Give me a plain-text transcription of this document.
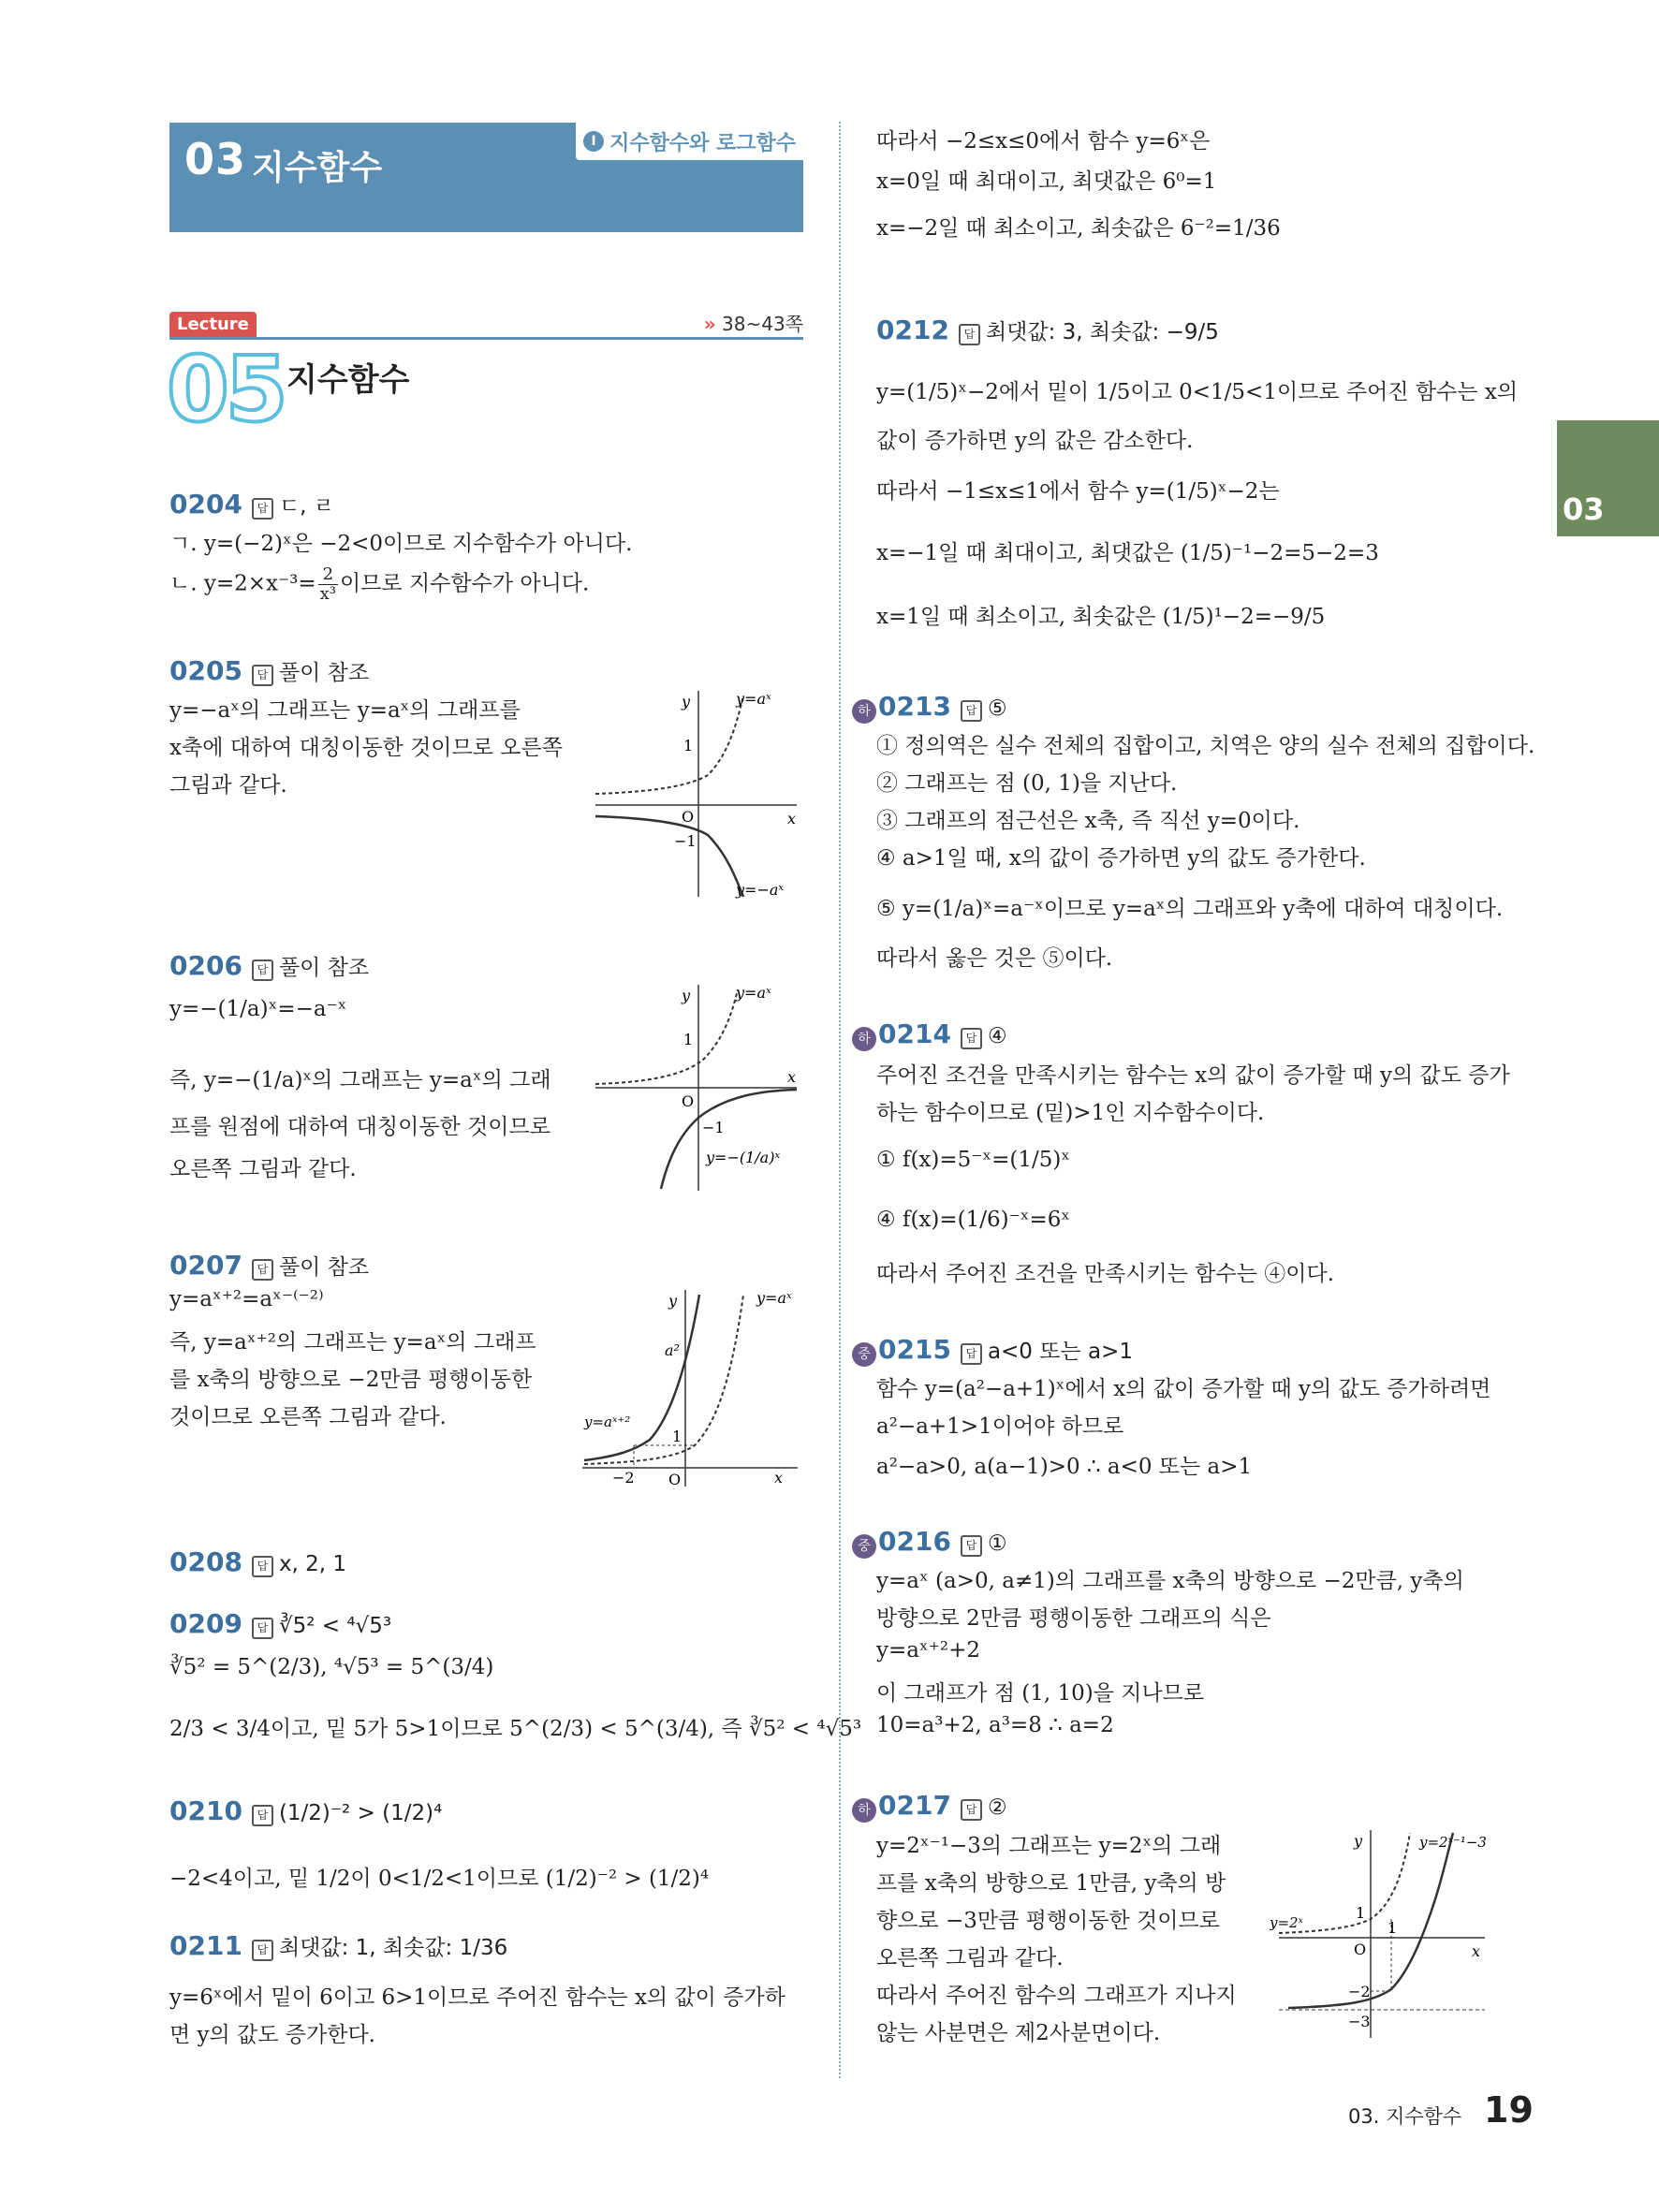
03 지수함수
I 지수함수와 로그함수
Lecture	» 38~43쪽
05 지수함수
03
0204 답 ㄷ, ㄹ
ㄱ. y=(−2)ˣ은 −2<0이므로 지수함수가 아니다.
ㄴ. $y=2\times x^{-3}= \frac{2}{\text{x³}}$ 이므로 지수함수가 아니다.
0205 답 풀이 참조
y=−aˣ의 그래프는 y=aˣ의 그래프를
x축에 대하여 대칭이동한 것이므로 오른쪽
그림과 같다.
y
x
O
1
−1
y=aˣ
y=−aˣ
0206 답 풀이 참조
y=−(1/a)ˣ=−a⁻ˣ
즉, y=−(1/a)ˣ의 그래프는 y=aˣ의 그래
프를 원점에 대하여 대칭이동한 것이므로
오른쪽 그림과 같다.
y
x
O
1
−1
y=aˣ
y=−(1/a)ˣ
0207 답 풀이 참조
y=aˣ⁺²=aˣ⁻⁽⁻²⁾
즉, y=aˣ⁺²의 그래프는 y=aˣ의 그래프
를 x축의 방향으로 −2만큼 평행이동한
것이므로 오른쪽 그림과 같다.
y
x
O
1
a²
−2
y=aˣ
y=aˣ⁺²
0208 답 x, 2, 1
0209 답 ∛5² < ⁴√5³
∛5² = 5^(2/3), ⁴√5³ = 5^(3/4)
2/3 < 3/4이고, 밑 5가 5>1이므로 5^(2/3) < 5^(3/4), 즉 ∛5² < ⁴√5³
0210 답 (1/2)⁻² > (1/2)⁴
−2<4이고, 밑 1/2이 0<1/2<1이므로 (1/2)⁻² > (1/2)⁴
0211 답 최댓값: 1, 최솟값: 1/36
y=6ˣ에서 밑이 6이고 6>1이므로 주어진 함수는 x의 값이 증가하
면 y의 값도 증가한다.
따라서 −2≤x≤0에서 함수 y=6ˣ은
x=0일 때 최대이고, 최댓값은 6⁰=1
x=−2일 때 최소이고, 최솟값은 6⁻²=1/36
0212 답 최댓값: 3, 최솟값: −9/5
y=(1/5)ˣ−2에서 밑이 1/5이고 0<1/5<1이므로 주어진 함수는 x의
값이 증가하면 y의 값은 감소한다.
따라서 −1≤x≤1에서 함수 y=(1/5)ˣ−2는
x=−1일 때 최대이고, 최댓값은 (1/5)⁻¹−2=5−2=3
x=1일 때 최소이고, 최솟값은 (1/5)¹−2=−9/5
하 0213 답 ⑤
① 정의역은 실수 전체의 집합이고, 치역은 양의 실수 전체의 집합이다.
② 그래프는 점 (0, 1)을 지난다.
③ 그래프의 점근선은 x축, 즉 직선 y=0이다.
④ a>1일 때, x의 값이 증가하면 y의 값도 증가한다.
⑤ y=(1/a)ˣ=a⁻ˣ이므로 y=aˣ의 그래프와 y축에 대하여 대칭이다.
따라서 옳은 것은 ⑤이다.
하 0214 답 ④
주어진 조건을 만족시키는 함수는 x의 값이 증가할 때 y의 값도 증가
하는 함수이므로 (밑)>1인 지수함수이다.
① f(x)=5⁻ˣ=(1/5)ˣ
④ f(x)=(1/6)⁻ˣ=6ˣ
따라서 주어진 조건을 만족시키는 함수는 ④이다.
중 0215 답 a<0 또는 a>1
함수 y=(a²−a+1)ˣ에서 x의 값이 증가할 때 y의 값도 증가하려면
a²−a+1>1이어야 하므로
a²−a>0, a(a−1)>0 ∴ a<0 또는 a>1
중 0216 답 ①
y=aˣ (a>0, a≠1)의 그래프를 x축의 방향으로 −2만큼, y축의
방향으로 2만큼 평행이동한 그래프의 식은
y=aˣ⁺²+2
이 그래프가 점 (1, 10)을 지나므로
10=a³+2, a³=8 ∴ a=2
하 0217 답 ②
y=2ˣ⁻¹−3의 그래프는 y=2ˣ의 그래
프를 x축의 방향으로 1만큼, y축의 방
향으로 −3만큼 평행이동한 것이므로
오른쪽 그림과 같다.
따라서 주어진 함수의 그래프가 지나지
않는 사분면은 제2사분면이다.
y
x
O
1
1
−2
−3
y=2ˣ
y=2ˣ⁻¹−3
03. 지수함수 19
